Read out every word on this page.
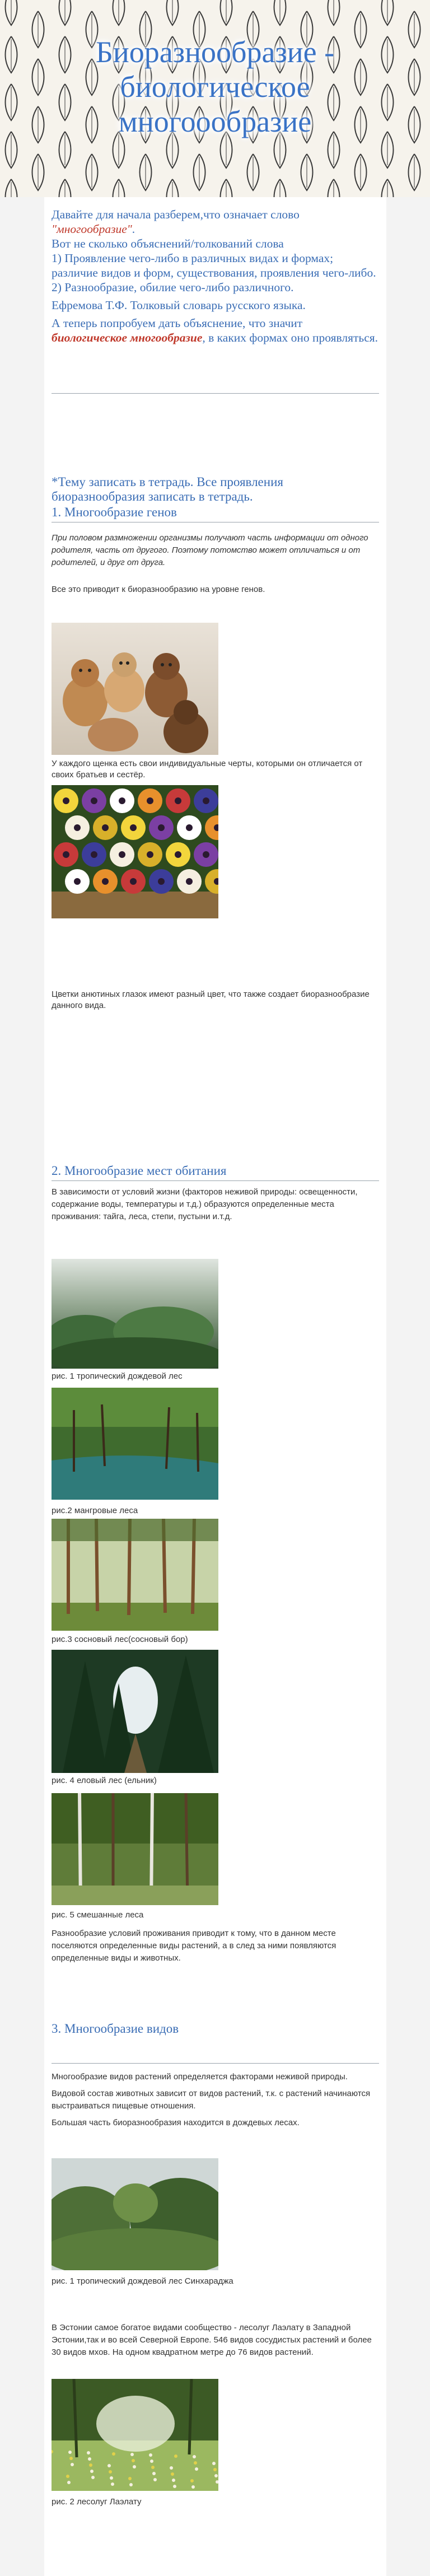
Биоразнообразие -
биологическое
многоообразие

Давайте для начала разберем,что означает слово "многообразие".

Вот не сколько объяснений/толкований слова

1) Проявление чего-либо в различных видах и формах; различие видов и форм, существования, проявления чего-либо.

2) Разнообразие, обилие чего-либо различного.

Ефремова Т.Ф. Толковый словарь русского языка.

А теперь попробуем дать объяснение, что значит биологическое многообразие, в каких формах оно проявляться.

*Тему записать в тетрадь. Все проявления биоразнообразия записать в тетрадь.
1. Многообразие генов
При половом размножении организмы получают часть информации от одного родителя, часть от другого. Поэтому потомство может отличаться и от родителей, и друг от друга.
Все это приводит к биоразнообразию на уровне генов.
У каждого щенка есть свои индивидуальные черты, которыми он отличается от своих братьев и сестёр.
Цветки анютиных глазок имеют разный цвет, что также создает биоразнообразие данного вида.
2. Многообразие мест обитания
В зависимости от условий жизни (факторов неживой природы: освещенности, содержание воды, температуры и т.д.) образуются определенные места проживания: тайга, леса, степи, пустыни и.т.д.
рис. 1 тропический дождевой лес
рис.2 мангровые леса
рис.3 сосновый лес(сосновый бор)
рис. 4 еловый лес (ельник)
рис. 5 смешанные леса
Разнообразие условий проживания приводит к тому, что в данном месте поселяются определенные виды растений, а в след за ними появляются определенные виды и животных.
3. Многообразие видов

Многообразие видов растений определяется факторами неживой природы.

Видовой состав животных зависит от видов растений, т.к. с растений начинаются выстраиваться пищевые отношения.

Большая часть биоразнообразия находится в дождевых лесах.

рис. 1 тропический дождевой лес Синхараджа
В Эстонии самое богатое видами сообщество - лесолуг Лаэлату в Западной Эстонии,так и во всей Северной Европе. 546 видов сосудистых растений и более 30 видов мхов. На одном квадратном метре до 76 видов растений.
рис. 2 лесолуг Лаэлату
